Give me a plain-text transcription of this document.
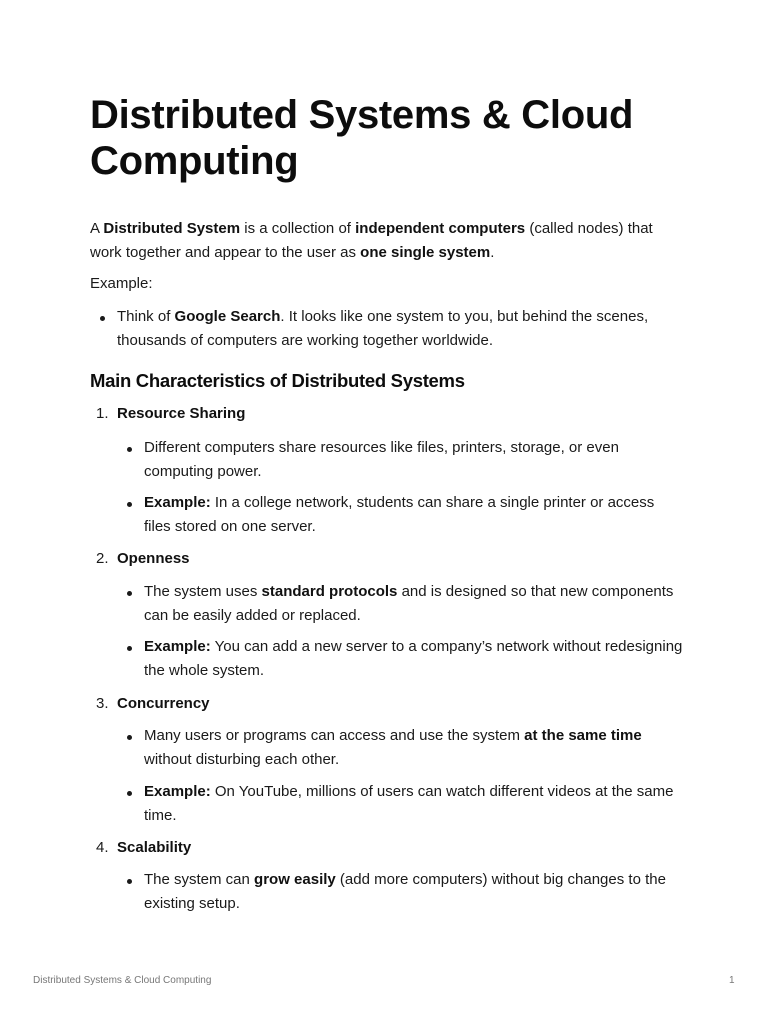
Distributed Systems & Cloud Computing

A Distributed System is a collection of independent computers (called nodes) that work together and appear to the user as one single system.

Example:

Think of Google Search. It looks like one system to you, but behind the scenes, thousands of computers are working together worldwide.
Main Characteristics of Distributed Systems
1. Resource Sharing
Different computers share resources like files, printers, storage, or even computing power.
Example: In a college network, students can share a single printer or access files stored on one server.
2. Openness
The system uses standard protocols and is designed so that new components can be easily added or replaced.
Example: You can add a new server to a company’s network without redesigning the whole system.
3. Concurrency
Many users or programs can access and use the system at the same time without disturbing each other.
Example: On YouTube, millions of users can watch different videos at the same time.
4. Scalability
The system can grow easily (add more computers) without big changes to the existing setup.
Distributed Systems & Cloud Computing	1
